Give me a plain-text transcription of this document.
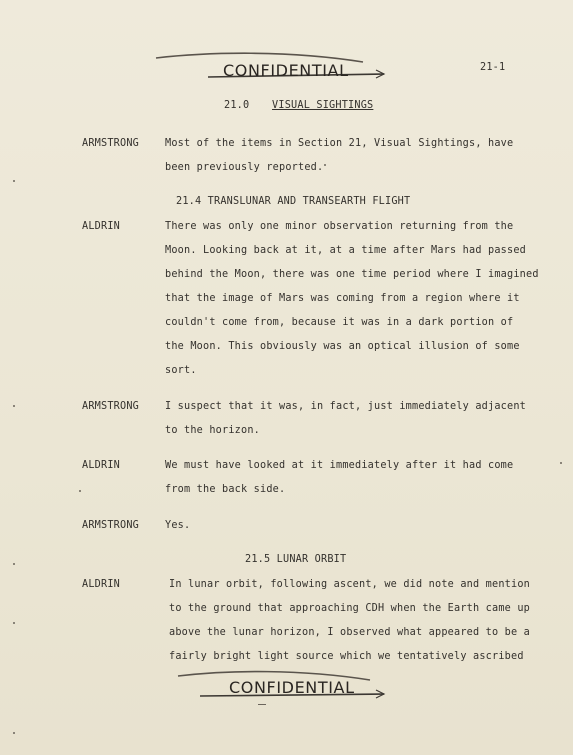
CONFIDENTIAL	21-1
21.0 VISUAL SIGHTINGS
ARMSTRONG	Most of the items in Section 21, Visual Sightings, have
been previously reported.
21.4 TRANSLUNAR AND TRANSEARTH FLIGHT
ALDRIN	There was only one minor observation returning from the
Moon. Looking back at it, at a time after Mars had passed
behind the Moon, there was one time period where I imagined
that the image of Mars was coming from a region where it
couldn't come from, because it was in a dark portion of
the Moon. This obviously was an optical illusion of some
sort.
ARMSTRONG	I suspect that it was, in fact, just immediately adjacent
to the horizon.
ALDRIN	We must have looked at it immediately after it had come
from the back side.
ARMSTRONG	Yes.
21.5 LUNAR ORBIT
ALDRIN	In lunar orbit, following ascent, we did note and mention
to the ground that approaching CDH when the Earth came up
above the lunar horizon, I observed what appeared to be a
fairly bright light source which we tentatively ascribed
CONFIDENTIAL
